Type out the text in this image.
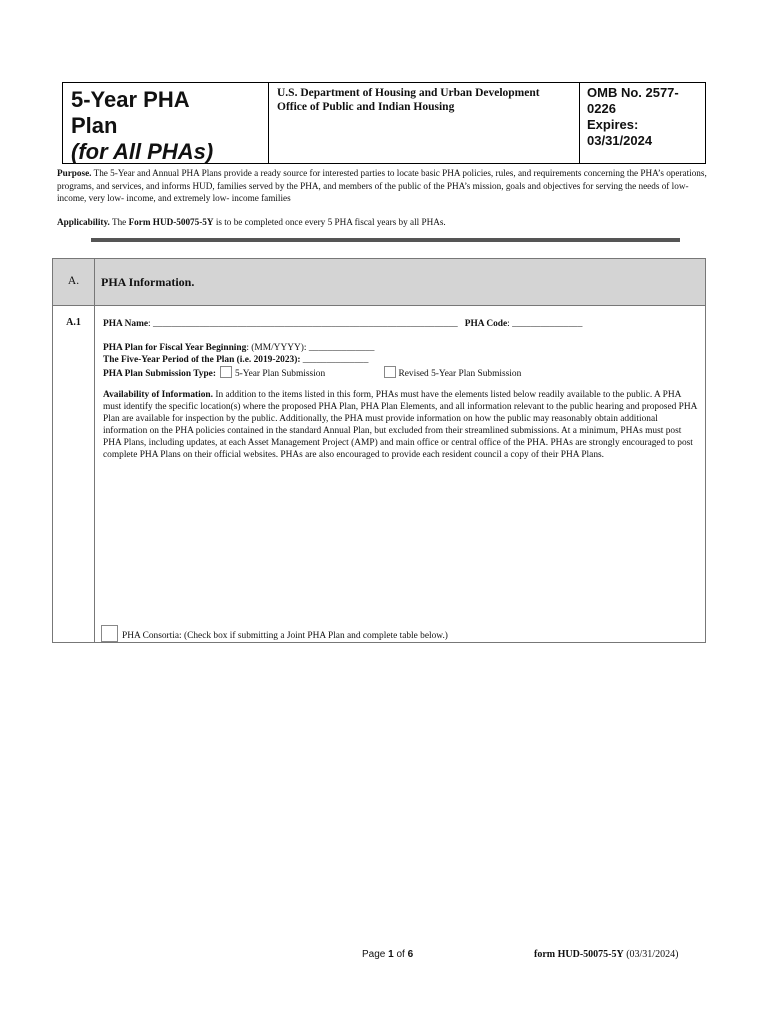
5-Year PHA
Plan
(for All PHAs)

U.S. Department of Housing and Urban Development
Office of Public and Indian Housing
OMB No. 2577-
0226
Expires:
03/31/2024
Purpose. The 5-Year and Annual PHA Plans provide a ready source for interested parties to locate basic PHA policies, rules, and requirements concerning the PHA’s operations, programs, and services, and informs HUD, families served by the PHA, and members of the public of the PHA’s mission, goals and objectives for serving the needs of low- income, very low- income, and extremely low- income families
Applicability. The Form HUD-50075-5Y is to be completed once every 5 PHA fiscal years by all PHAs.
A.	PHA Information.
A.1	PHA Name: _________________________________________________________________ PHA Code: _______________
PHA Plan for Fiscal Year Beginning: (MM/YYYY): ______________
The Five-Year Period of the Plan (i.e. 2019-2023): ______________
PHA Plan Submission Type: 5-Year Plan Submission	Revised 5-Year Plan Submission
Availability of Information. In addition to the items listed in this form, PHAs must have the elements listed below readily available to the public. A PHA must identify the specific location(s) where the proposed PHA Plan, PHA Plan Elements, and all information relevant to the public hearing and proposed PHA Plan are available for inspection by the public. Additionally, the PHA must provide information on how the public may reasonably obtain additional information on the PHA policies contained in the standard Annual Plan, but excluded from their streamlined submissions. At a minimum, PHAs must post PHA Plans, including updates, at each Asset Management Project (AMP) and main office or central office of the PHA. PHAs are strongly encouraged to post complete PHA Plans on their official websites. PHAs are also encouraged to provide each resident council a copy of their PHA Plans.
PHA Consortia: (Check box if submitting a Joint PHA Plan and complete table below.)
Page 1 of 6	form HUD-50075-5Y (03/31/2024)
